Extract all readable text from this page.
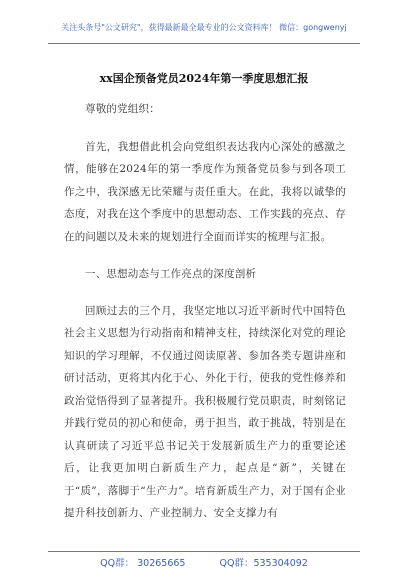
关注头条号"公文研究"，获得最新最全最专业的公文资料库！ 微信：gongwenyj
xx国企预备党员2024年第一季度思想汇报

尊敬的党组织：

首先，我想借此机会向党组织表达我内心深处的感激之情，能够在2024年的第一季度作为预备党员参与到各项工作之中，我深感无比荣耀与责任重大。在此，我将以诚挚的态度，对我在这个季度中的思想动态、工作实践的亮点、存在的问题以及未来的规划进行全面而详实的梳理与汇报。

一、思想动态与工作亮点的深度剖析

回顾过去的三个月，我坚定地以习近平新时代中国特色社会主义思想为行动指南和精神支柱，持续深化对党的理论知识的学习理解，不仅通过阅读原著、参加各类专题讲座和研讨活动，更将其内化于心、外化于行，使我的党性修养和政治觉悟得到了显著提升。我积极履行党员职责，时刻铭记并践行党员的初心和使命，勇于担当，敢于挑战，特别是在认真研读了习近平总书记关于发展新质生产力的重要论述后，让我更加明白新质生产力，起点是“新”，关键在于“质”，落脚于“生产力”。培育新质生产力，对于国有企业提升科技创新力、产业控制力、安全支撑力有

QQ群： 30265665	QQ群：535304092
